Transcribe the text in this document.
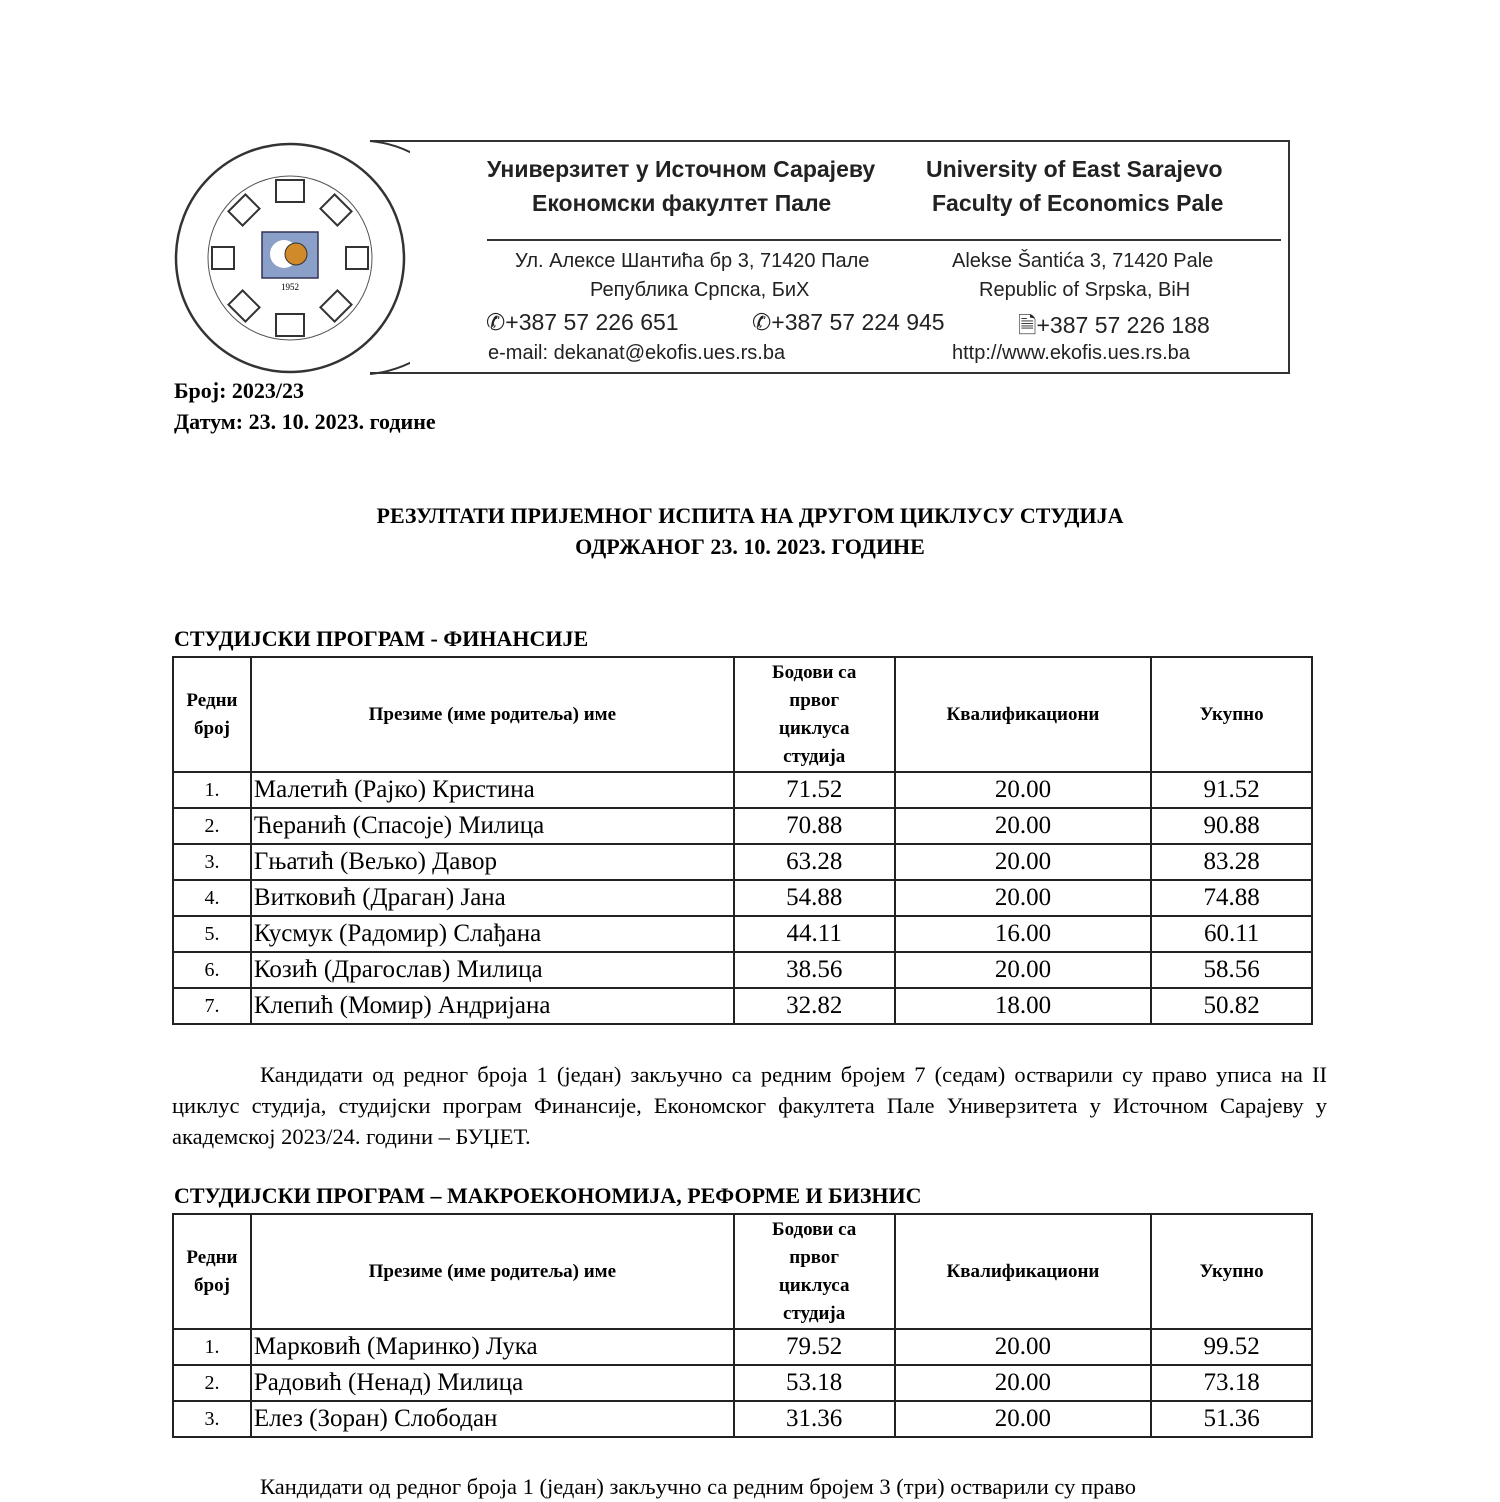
1952
Универзитет у Источном Сарајеву
Економски факултет Пале
University of East Sarajevo
Faculty of Economics Pale
Ул. Алексе Шантића бр 3, 71420 Пале
Република Српска, БиХ
Alekse Šantića 3, 71420 Pale
Republic of Srpska, BiH
✆+387 57 226 651	✆+387 57 224 945	🗎+387 57 226 188
e-mail: dekanat@ekofis.ues.rs.ba	http://www.ekofis.ues.rs.ba
Број: 2023/23
Датум: 23. 10. 2023. године
РЕЗУЛТАТИ ПРИЈЕМНОГ ИСПИТА НА ДРУГОМ ЦИКЛУСУ СТУДИЈА
ОДРЖАНОГ 23. 10. 2023. ГОДИНЕ
СТУДИЈСКИ ПРОГРАМ - ФИНАНСИЈЕ
Редни број	Презиме (име родитеља) име	Бодови са првог циклуса студија	Квалификациони	Укупно
1.	Малетић (Рајко) Кристина	71.52	20.00	91.52
2.	Ћеранић (Спасоје) Милица	70.88	20.00	90.88
3.	Гњатић (Вељко) Давор	63.28	20.00	83.28
4.	Витковић (Драган) Јана	54.88	20.00	74.88
5.	Кусмук (Радомир) Слађана	44.11	16.00	60.11
6.	Козић (Драгослав) Милица	38.56	20.00	58.56
7.	Клепић (Момир) Андријана	32.82	18.00	50.82
Кандидати од редног броја 1 (један) закључно са редним бројем 7 (седам) остварили су право уписа на II циклус студија, студијски програм Финансије, Економског факултета Пале Универзитета у Источном Сарајеву у академској 2023/24. години – БУЏЕТ.
СТУДИЈСКИ ПРОГРАМ – МАКРОЕКОНОМИЈА, РЕФОРМЕ И БИЗНИС
Редни број	Презиме (име родитеља) име	Бодови са првог циклуса студија	Квалификациони	Укупно
1.	Марковић (Маринко) Лука	79.52	20.00	99.52
2.	Радовић (Ненад) Милица	53.18	20.00	73.18
3.	Елез (Зоран) Слободан	31.36	20.00	51.36
Кандидати од редног броја 1 (један) закључно са редним бројем 3 (три) остварили су право
